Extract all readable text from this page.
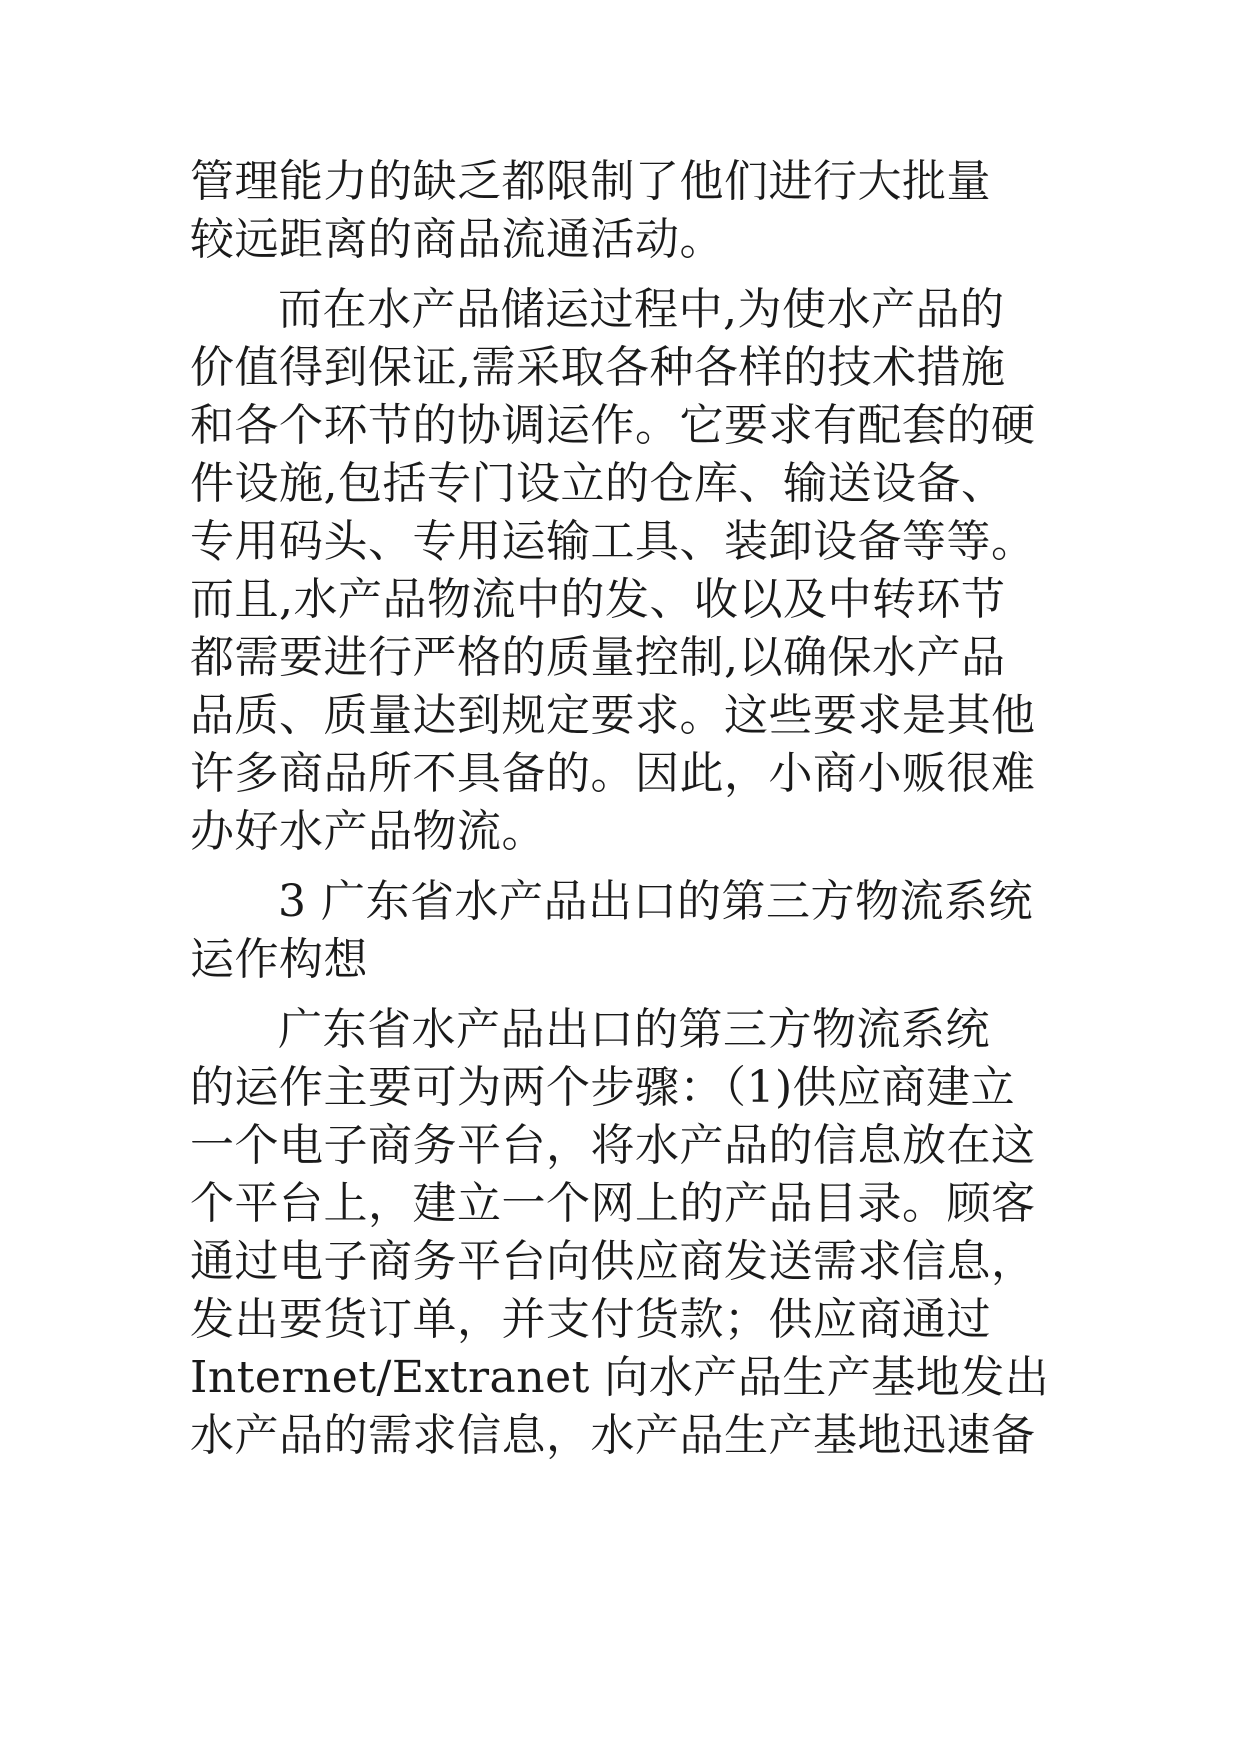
管理能力的缺乏都限制了他们进行大批量
较远距离的商品流通活动。
而在水产品储运过程中,为使水产品的
价值得到保证,需采取各种各样的技术措施
和各个环节的协调运作。它要求有配套的硬
件设施,包括专门设立的仓库、输送设备、
专用码头、专用运输工具、装卸设备等等。
而且,水产品物流中的发、收以及中转环节
都需要进行严格的质量控制,以确保水产品
品质、质量达到规定要求。这些要求是其他
许多商品所不具备的。因此，小商小贩很难
办好水产品物流。
3 广东省水产品出口的第三方物流系统
运作构想
广东省水产品出口的第三方物流系统
的运作主要可为两个步骤：（1)供应商建立
一个电子商务平台，将水产品的信息放在这
个平台上，建立一个网上的产品目录。顾客
通过电子商务平台向供应商发送需求信息，
发出要货订单，并支付货款；供应商通过
Internet/Extranet 向水产品生产基地发出
水产品的需求信息，水产品生产基地迅速备
